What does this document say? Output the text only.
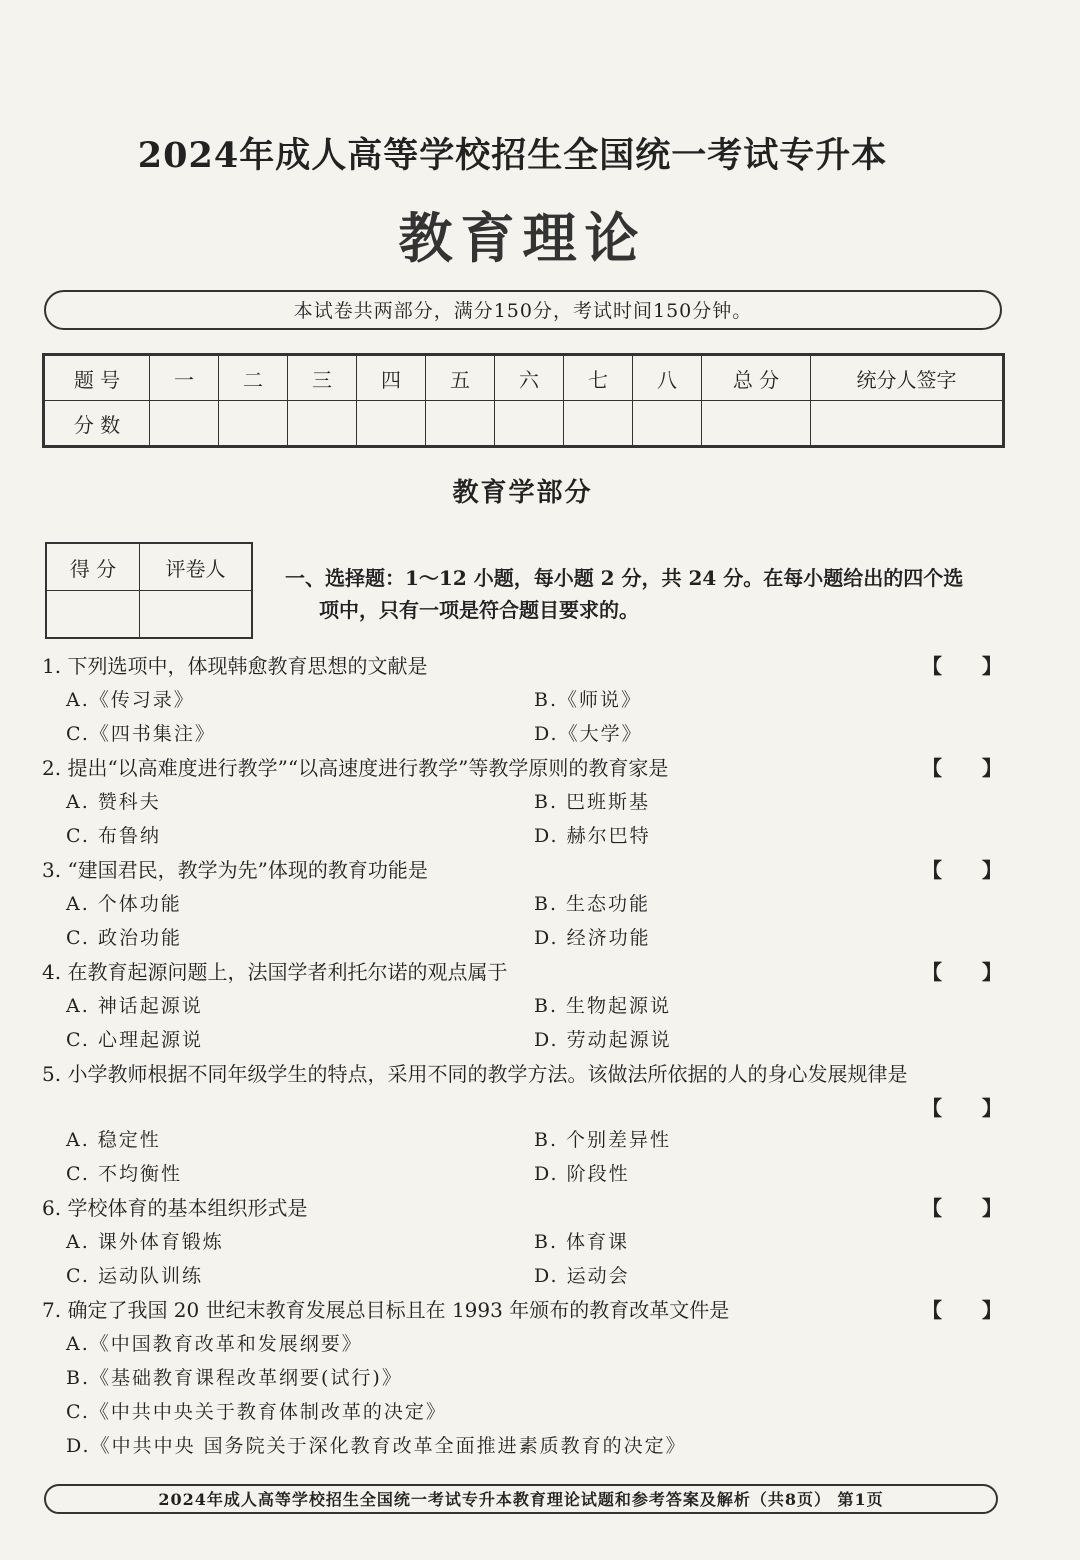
2024年成人高等学校招生全国统一考试专升本
教育理论
本试卷共两部分，满分150分，考试时间150分钟。
题 号	一	二	三	四	五	六	七	八	总 分	统分人签字
分 数										
教育学部分
得 分	评卷人
		一、选择题：1～12 小题，每小题 2 分，共 24 分。在每小题给出的四个选
项中，只有一项是符合题目要求的。
1. 下列选项中，体现韩愈教育思想的文献是	【　　】
A.《传习录》	B.《师说》
C.《四书集注》	D.《大学》
2. 提出“以高难度进行教学”“以高速度进行教学”等教学原则的教育家是	【　　】
A. 赞科夫	B. 巴班斯基
C. 布鲁纳	D. 赫尔巴特
3. “建国君民，教学为先”体现的教育功能是	【　　】
A. 个体功能	B. 生态功能
C. 政治功能	D. 经济功能
4. 在教育起源问题上，法国学者利托尔诺的观点属于	【　　】
A. 神话起源说	B. 生物起源说
C. 心理起源说	D. 劳动起源说
5. 小学教师根据不同年级学生的特点，采用不同的教学方法。该做法所依据的人的身心发展规律是
【　　】
A. 稳定性	B. 个别差异性
C. 不均衡性	D. 阶段性
6. 学校体育的基本组织形式是	【　　】
A. 课外体育锻炼	B. 体育课
C. 运动队训练	D. 运动会
7. 确定了我国 20 世纪末教育发展总目标且在 1993 年颁布的教育改革文件是	【　　】
A.《中国教育改革和发展纲要》
B.《基础教育课程改革纲要(试行)》
C.《中共中央关于教育体制改革的决定》
D.《中共中央 国务院关于深化教育改革全面推进素质教育的决定》
2024年成人高等学校招生全国统一考试专升本教育理论试题和参考答案及解析（共8页） 第1页
